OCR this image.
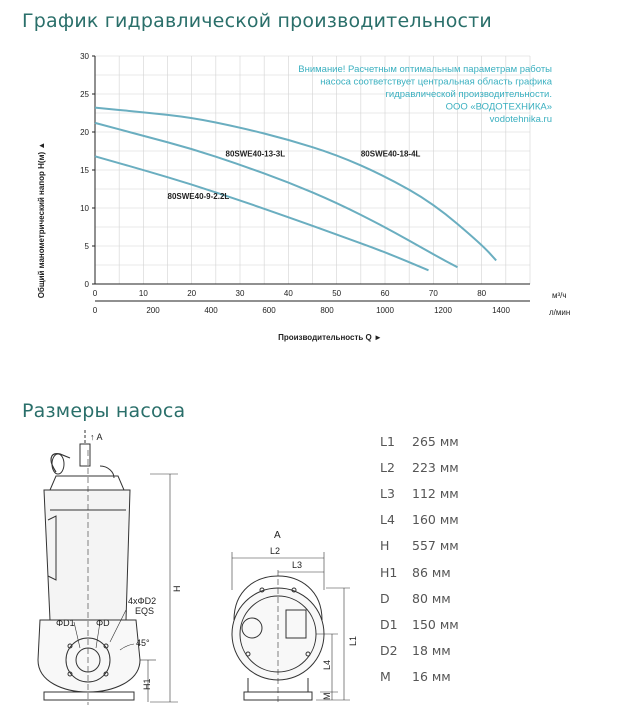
График гидравлической производительности
0
5
10
15
20
25
30
0	10	20	30	40	50	60	70	80
0	200	400	600	800	1000	1200	1400
80SWE40-18-4L
80SWE40-13-3L
80SWE40-9-2.2L
Внимание! Расчетным оптимальным параметрам работы
насоса соответствует центральная область графика
гидравлической производительности.
ООО «ВОДОТЕХНИКА»
vodotehnika.ru
Общий манометрический напор H(м) ▲
Производительность Q ►
м³/ч
л/мин
Размеры насоса
↑ A
H
H1
ΦD1 ΦD
4xΦD2
EQS
45°
A
L2
L3
L1
L4
M
L1	265 мм
L2	223 мм
L3	112 мм
L4	160 мм
H	557 мм
H1	86 мм
D	80 мм
D1	150 мм
D2	18 мм
M	16 мм
